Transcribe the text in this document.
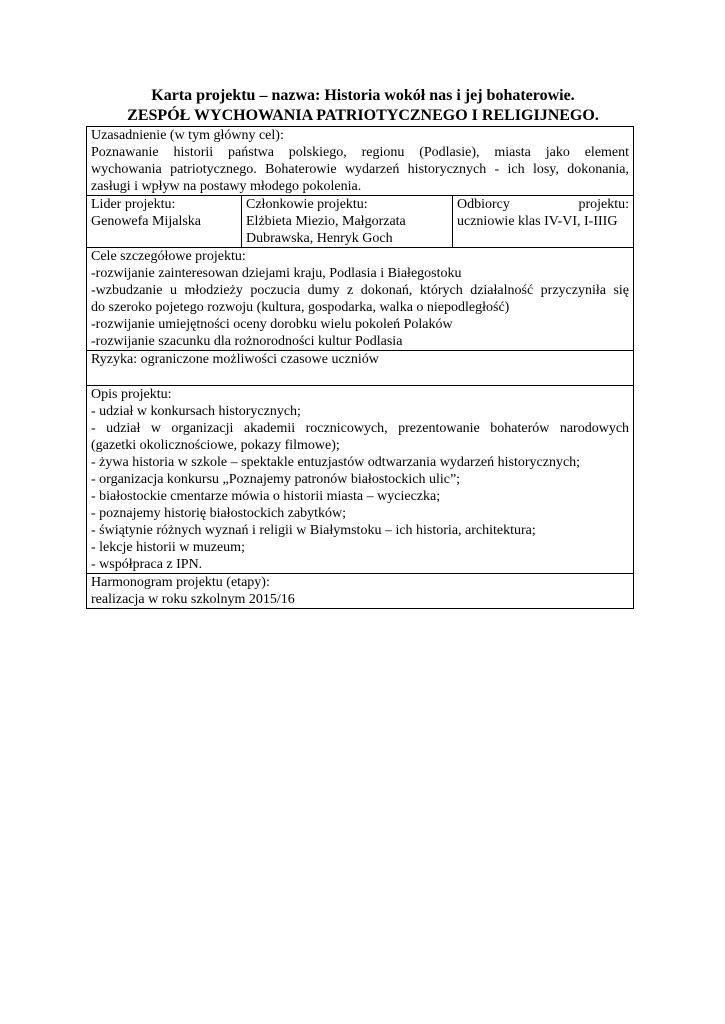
Karta projektu – nazwa: Historia wokół nas i jej bohaterowie.
ZESPÓŁ WYCHOWANIA PATRIOTYCZNEGO I RELIGIJNEGO.
Uzasadnienie (w tym główny cel):
Poznawanie historii państwa polskiego, regionu (Podlasie), miasta jako element
wychowania patriotycznego. Bohaterowie wydarzeń historycznych - ich losy, dokonania,
zasługi i wpływ na postawy młodego pokolenia.

Lider projektu:
Genowefa Mijalska

Członkowie projektu:
Elżbieta Miezio, Małgorzata
Dubrawska, Henryk Goch

Odbiorcy	projektu:
uczniowie klas IV-VI, I-IIIG

Cele szczegółowe projektu:
-rozwijanie zainteresowan dziejami kraju, Podlasia i Białegostoku
-wzbudzanie u młodzieży poczucia dumy z dokonań, których działalność przyczyniła się
do szeroko pojetego rozwoju (kultura, gospodarka, walka o niepodległość)
-rozwijanie umiejętności oceny dorobku wielu pokoleń Polaków
-rozwijanie szacunku dla rożnorodności kultur Podlasia

Ryzyka: ograniczone możliwości czasowe uczniów

Opis projektu:
- udział w konkursach historycznych;
- udział w organizacji akademii rocznicowych, prezentowanie bohaterów narodowych
(gazetki okolicznościowe, pokazy filmowe);
- żywa historia w szkole – spektakle entuzjastów odtwarzania wydarzeń historycznych;
- organizacja konkursu „Poznajemy patronów białostockich ulic”;
- białostockie cmentarze mówia o historii miasta – wycieczka;
- poznajemy historię białostockich zabytków;
- świątynie różnych wyznań i religii w Białymstoku – ich historia, architektura;
- lekcje historii w muzeum;
- współpraca z IPN.

Harmonogram projektu (etapy):
realizacja w roku szkolnym 2015/16
